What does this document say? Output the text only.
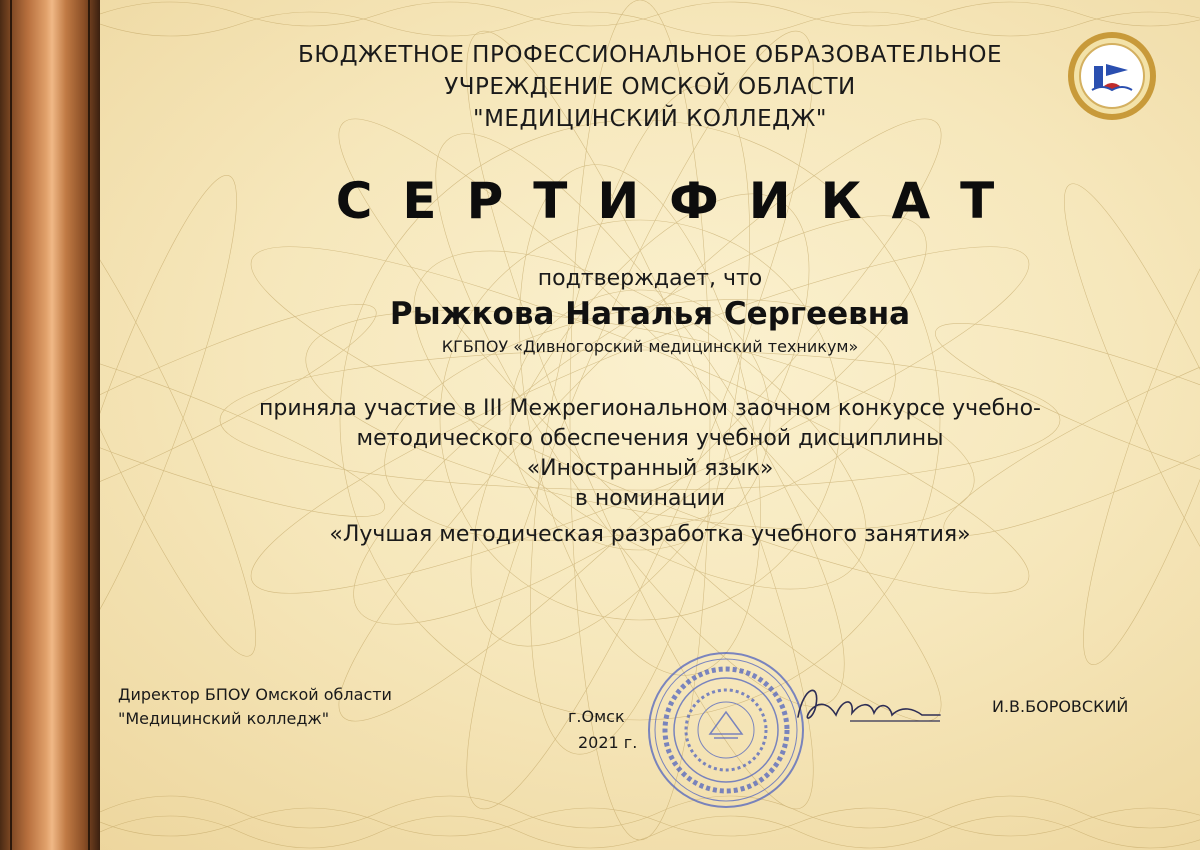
БЮДЖЕТНОЕ ПРОФЕССИОНАЛЬНОЕ ОБРАЗОВАТЕЛЬНОЕ
УЧРЕЖДЕНИЕ ОМСКОЙ ОБЛАСТИ
"МЕДИЦИНСКИЙ КОЛЛЕДЖ"
СЕРТИФИКАТ
подтверждает, что
Рыжкова Наталья Сергеевна
КГБПОУ «Дивногорский медицинский техникум»
приняла участие в III Межрегиональном заочном конкурсе учебно-
методического обеспечения учебной дисциплины
«Иностранный язык»
в номинации
«Лучшая методическая разработка учебного занятия»
Директор БПОУ Омской области
"Медицинский колледж"	г.Омск
2021 г.
И.В.БОРОВСКИЙ
